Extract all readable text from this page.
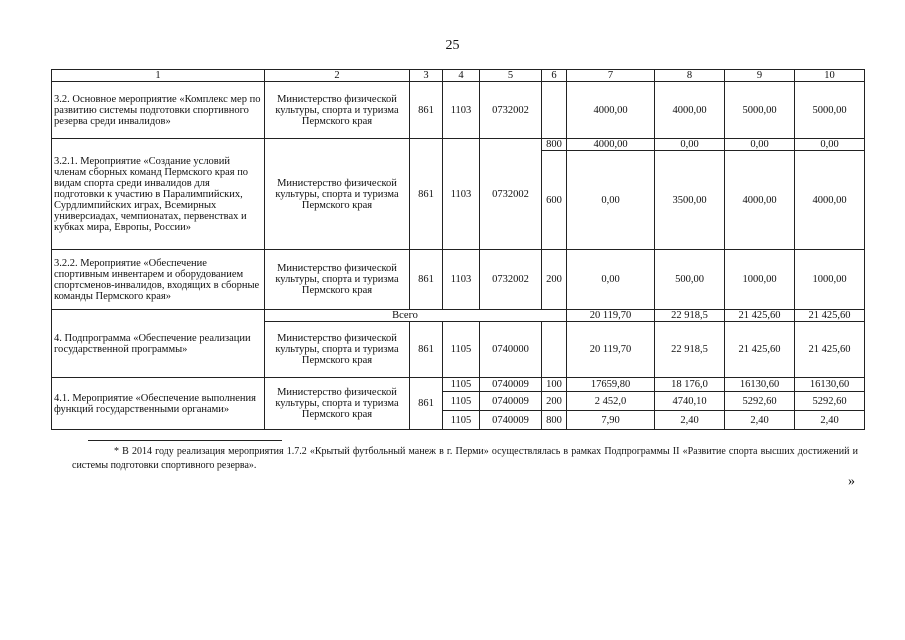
25
1	2	3	4	5	6	7	8	9	10
3.2. Основное мероприятие «Комплекс мер по развитию системы подготовки спортивного резерва среди инвалидов»	Министерство физической культуры, спорта и туризма Пермского края	861	1103	0732002		4000,00	4000,00	5000,00	5000,00
3.2.1. Мероприятие «Создание условий членам сборных команд Пермского края по видам спорта среди инвалидов для подготовки к участию в Паралимпийских, Сурдлимпийских играх, Всемирных универсиадах, чемпионатах, первенствах и кубках мира, Европы, России»	Министерство физической культуры, спорта и туризма Пермского края	861	1103	0732002	800	4000,00	0,00	0,00	0,00
					600	0,00	3500,00	4000,00	4000,00
3.2.2. Мероприятие «Обеспечение спортивным инвентарем и оборудованием спортсменов-инвалидов, входящих в сборные команды Пермского края»	Министерство физической культуры, спорта и туризма Пермского края	861	1103	0732002	200	0,00	500,00	1000,00	1000,00
4. Подпрограмма «Обеспечение реализации государственной программы»	Всего					20 119,70	22 918,5	21 425,60	21 425,60
	Министерство физической культуры, спорта и туризма Пермского края	861	1105	0740000		20 119,70	22 918,5	21 425,60	21 425,60
4.1. Мероприятие «Обеспечение выполнения функций государственными органами»	Министерство физической культуры, спорта и туризма Пермского края	861	1105	0740009	100	17659,80	18 176,0	16130,60	16130,60
			1105	0740009	200	2 452,0	4740,10	5292,60	5292,60
			1105	0740009	800	7,90	2,40	2,40	2,40
* В 2014 году реализация мероприятия 1.7.2 «Крытый футбольный манеж в г. Перми» осуществлялась в рамках Подпрограммы II «Развитие спорта высших достижений и системы подготовки спортивного резерва».
»
